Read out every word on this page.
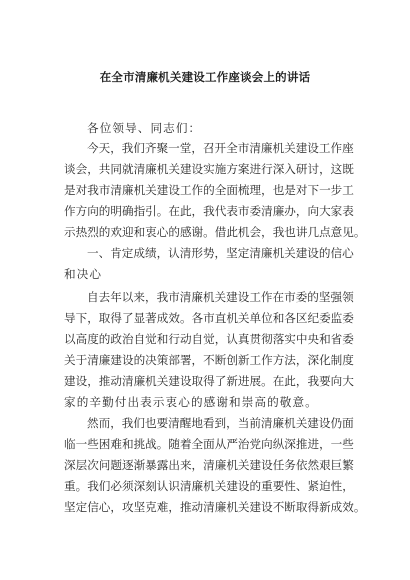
在全市清廉机关建设工作座谈会上的讲话
各位领导、同志们：
今天，我们齐聚一堂，召开全市清廉机关建设工作座
谈会，共同就清廉机关建设实施方案进行深入研讨，这既
是对我市清廉机关建设工作的全面梳理，也是对下一步工
作方向的明确指引。在此，我代表市委清廉办，向大家表
示热烈的欢迎和衷心的感谢。借此机会，我也讲几点意见。
一、肯定成绩，认清形势，坚定清廉机关建设的信心
和决心
自去年以来，我市清廉机关建设工作在市委的坚强领
导下，取得了显著成效。各市直机关单位和各区纪委监委
以高度的政治自觉和行动自觉，认真贯彻落实中央和省委
关于清廉建设的决策部署，不断创新工作方法，深化制度
建设，推动清廉机关建设取得了新进展。在此，我要向大
家的辛勤付出表示衷心的感谢和崇高的敬意。
然而，我们也要清醒地看到，当前清廉机关建设仍面
临一些困难和挑战。随着全面从严治党向纵深推进，一些
深层次问题逐渐暴露出来，清廉机关建设任务依然艰巨繁
重。我们必须深刻认识清廉机关建设的重要性、紧迫性，
坚定信心，攻坚克难，推动清廉机关建设不断取得新成效。
